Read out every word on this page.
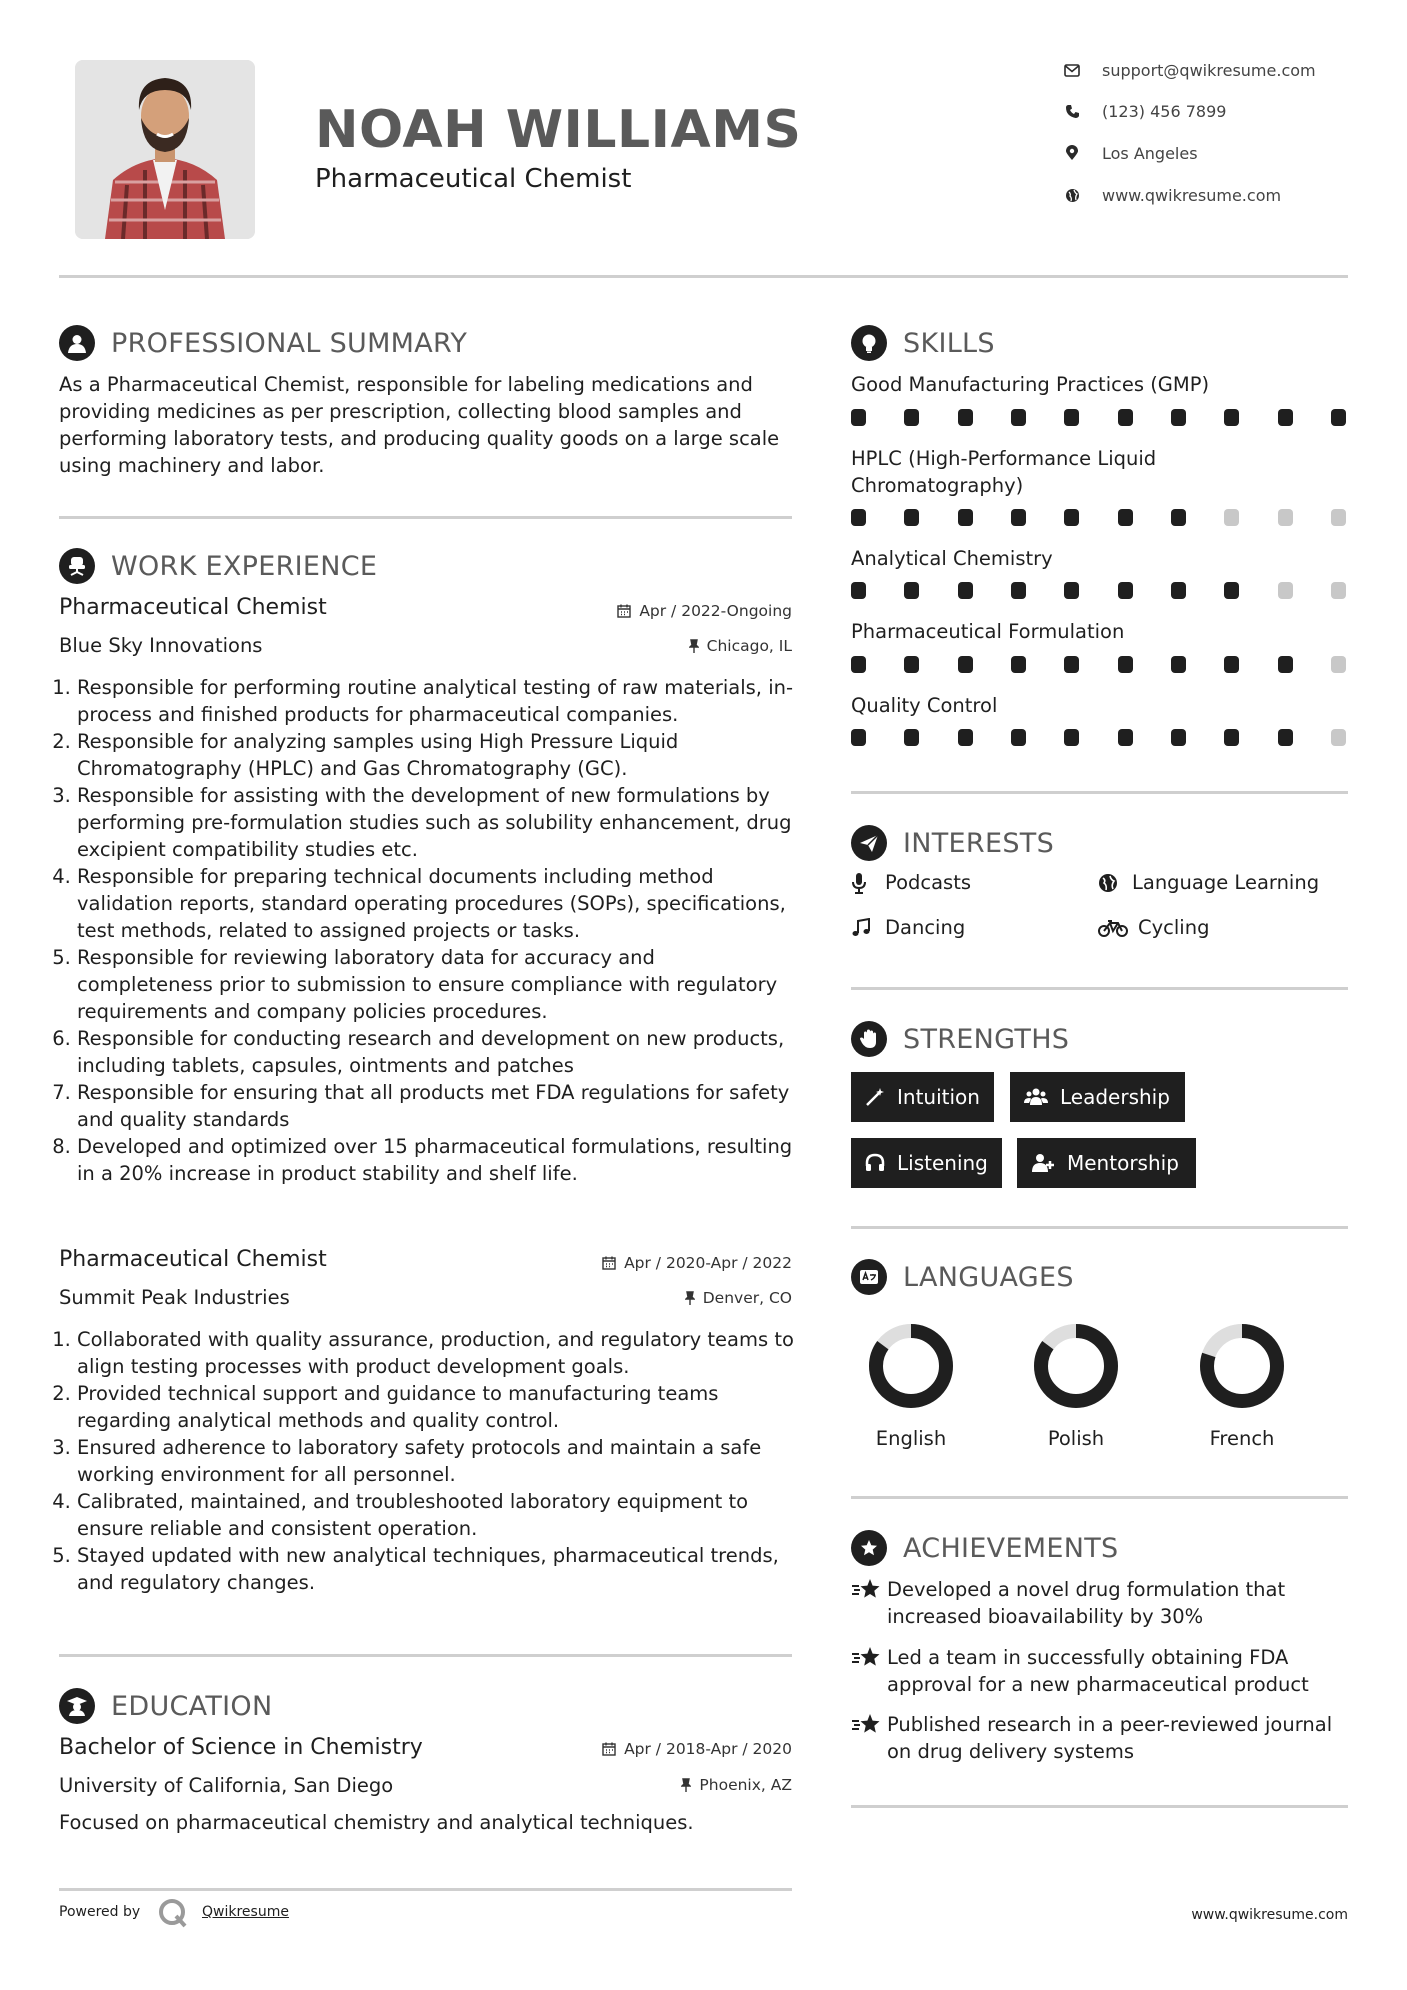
NOAH WILLIAMS
Pharmaceutical Chemist
support@qwikresume.com
(123) 456 7899
Los Angeles
www.qwikresume.com
PROFESSIONAL SUMMARY
As a Pharmaceutical Chemist, responsible for labeling medications and providing medicines as per prescription, collecting blood samples and performing laboratory tests, and producing quality goods on a large scale using machinery and labor.
WORK EXPERIENCE
Pharmaceutical Chemist	Apr / 2022-Ongoing
Blue Sky Innovations	Chicago, IL
1. Responsible for performing routine analytical testing of raw materials, in-process and finished products for pharmaceutical companies.
2. Responsible for analyzing samples using High Pressure Liquid Chromatography (HPLC) and Gas Chromatography (GC).
3. Responsible for assisting with the development of new formulations by performing pre-formulation studies such as solubility enhancement, drug excipient compatibility studies etc.
4. Responsible for preparing technical documents including method validation reports, standard operating procedures (SOPs), specifications, test methods, related to assigned projects or tasks.
5. Responsible for reviewing laboratory data for accuracy and completeness prior to submission to ensure compliance with regulatory requirements and company policies procedures.
6. Responsible for conducting research and development on new products, including tablets, capsules, ointments and patches
7. Responsible for ensuring that all products met FDA regulations for safety and quality standards
8. Developed and optimized over 15 pharmaceutical formulations, resulting in a 20% increase in product stability and shelf life.
Pharmaceutical Chemist	Apr / 2020-Apr / 2022
Summit Peak Industries	Denver, CO
1. Collaborated with quality assurance, production, and regulatory teams to align testing processes with product development goals.
2. Provided technical support and guidance to manufacturing teams regarding analytical methods and quality control.
3. Ensured adherence to laboratory safety protocols and maintain a safe working environment for all personnel.
4. Calibrated, maintained, and troubleshooted laboratory equipment to ensure reliable and consistent operation.
5. Stayed updated with new analytical techniques, pharmaceutical trends, and regulatory changes.
EDUCATION
Bachelor of Science in Chemistry	Apr / 2018-Apr / 2020
University of California, San Diego	Phoenix, AZ
Focused on pharmaceutical chemistry and analytical techniques.
Powered by	Qwikresume	www.qwikresume.com
SKILLS
Good Manufacturing Practices (GMP)
HPLC (High-Performance Liquid Chromatography)
Analytical Chemistry
Pharmaceutical Formulation
Quality Control
INTERESTS
Podcasts	Language Learning
Dancing	Cycling
STRENGTHS
Intuition	Leadership
Listening	Mentorship
LANGUAGES
English	Polish	French
ACHIEVEMENTS
Developed a novel drug formulation that increased bioavailability by 30%
Led a team in successfully obtaining FDA approval for a new pharmaceutical product
Published research in a peer-reviewed journal on drug delivery systems
